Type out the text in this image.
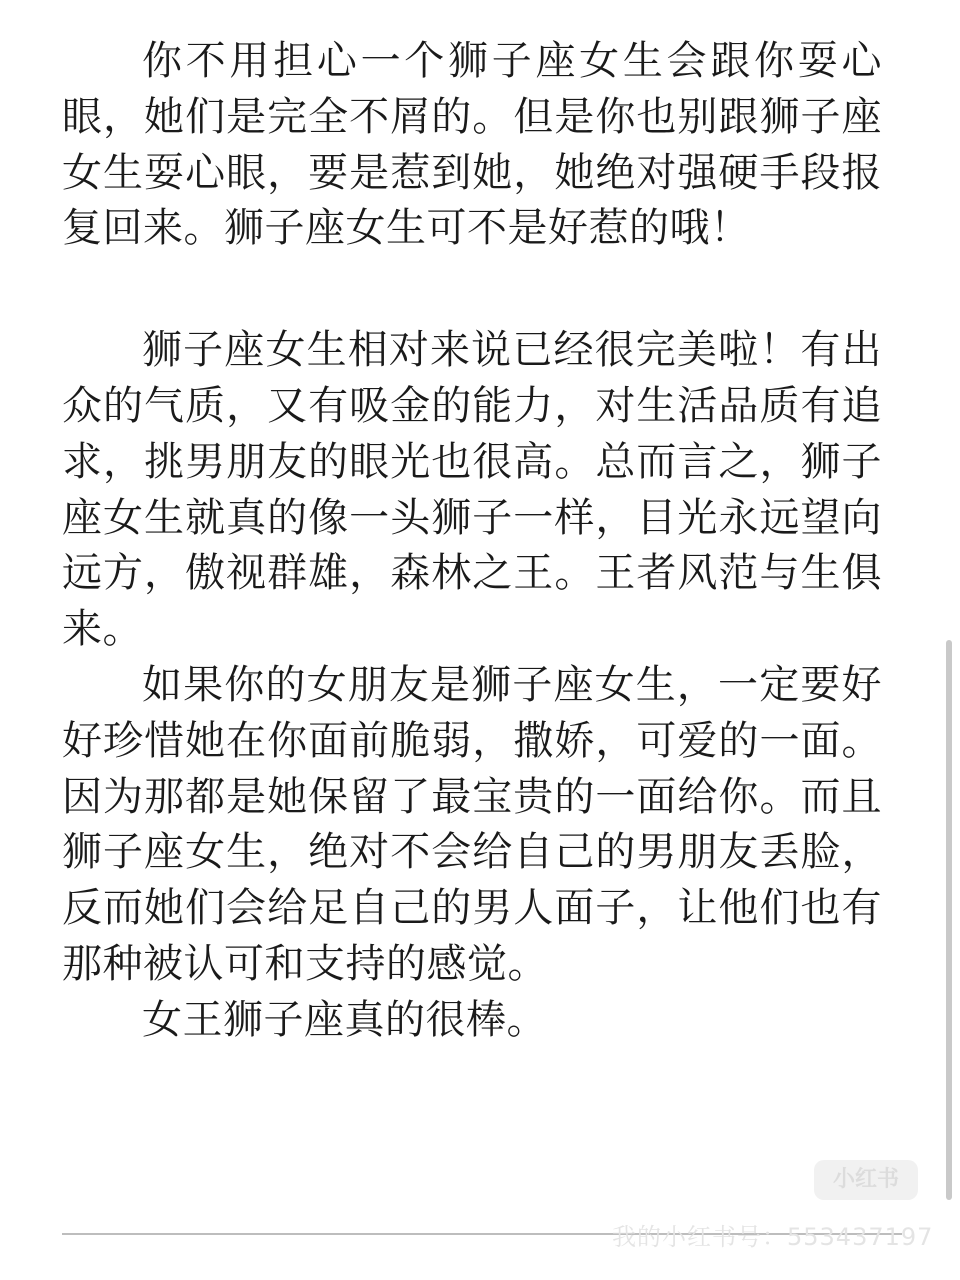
你不用担心一个狮子座女生会跟你耍心眼，她们是完全不屑的。但是你也别跟狮子座女生耍心眼，要是惹到她，她绝对强硬手段报复回来。狮子座女生可不是好惹的哦！

狮子座女生相对来说已经很完美啦！有出众的气质，又有吸金的能力，对生活品质有追求，挑男朋友的眼光也很高。总而言之，狮子座女生就真的像一头狮子一样，目光永远望向远方，傲视群雄，森林之王。王者风范与生俱来。

如果你的女朋友是狮子座女生，一定要好好珍惜她在你面前脆弱，撒娇，可爱的一面。因为那都是她保留了最宝贵的一面给你。而且狮子座女生，绝对不会给自己的男朋友丢脸，反而她们会给足自己的男人面子，让他们也有那种被认可和支持的感觉。

女王狮子座真的很棒。

小红书
我的小红书号：553437197
